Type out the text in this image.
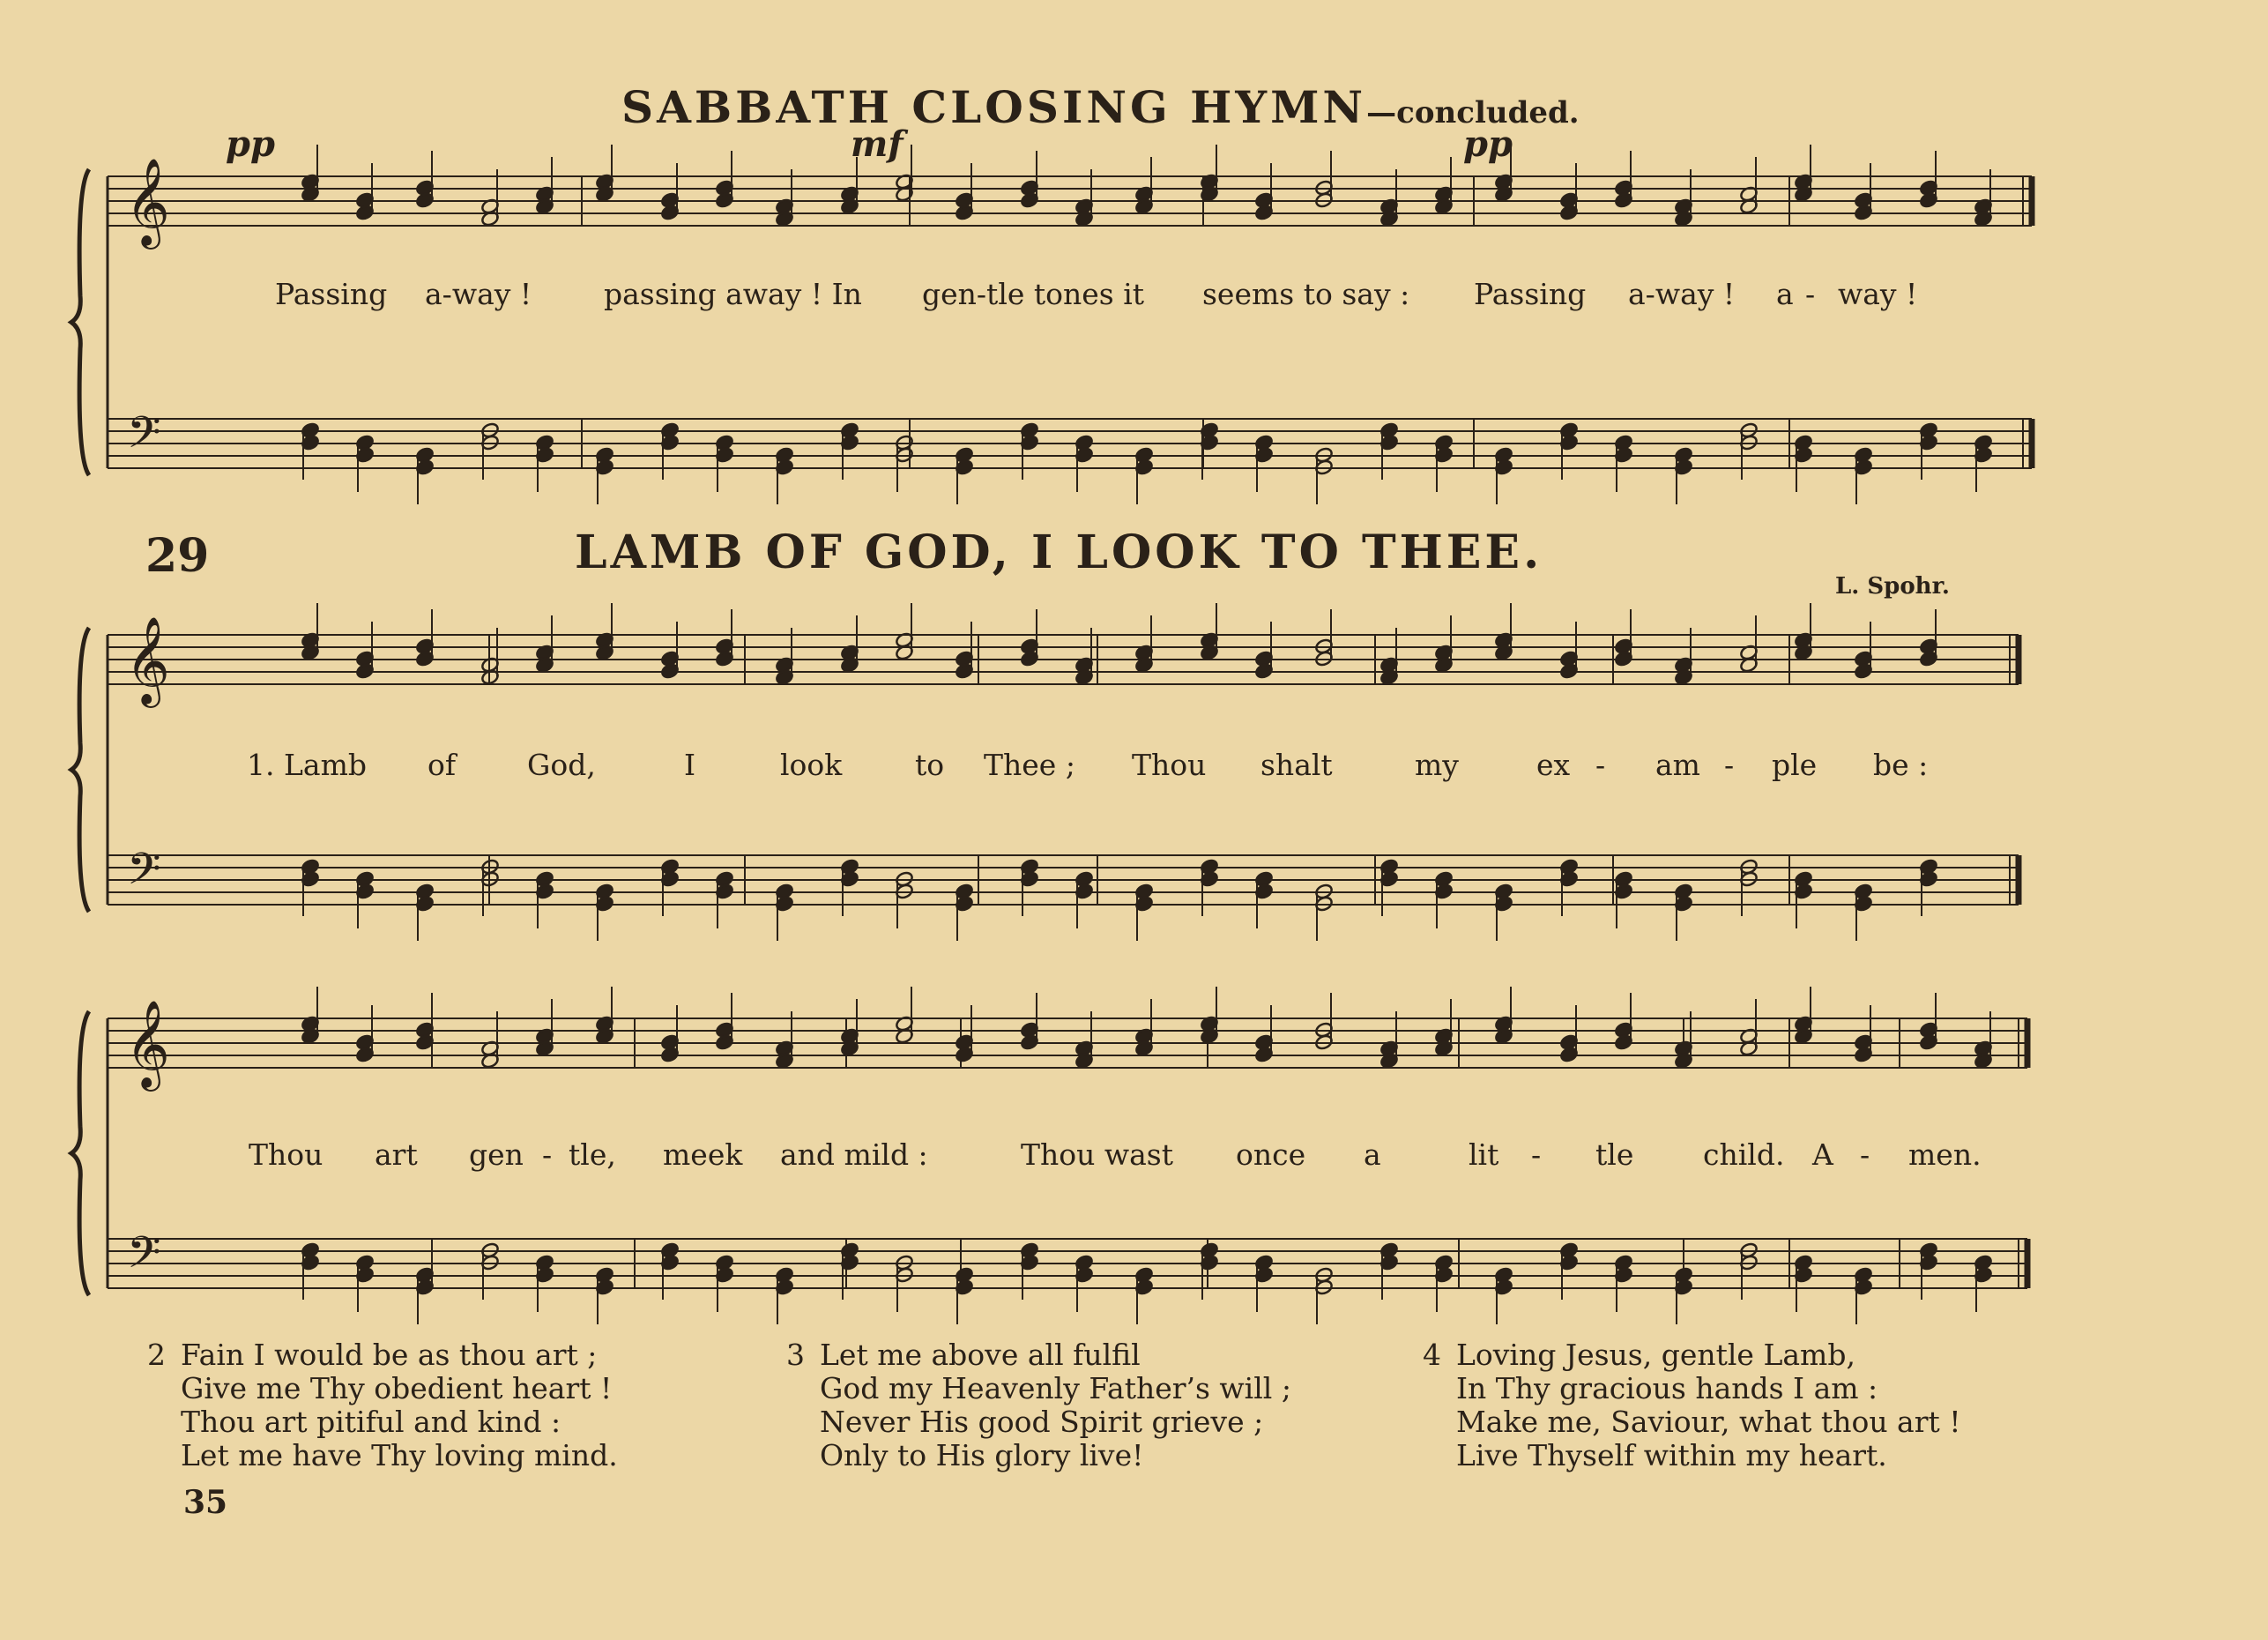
𝄞
𝄢
𝄞
𝄢
𝄞
𝄢
SABBATH CLOSING HYMN—concluded.
pp	mf	pp
Passing a-way ! passing away ! In gen-tle tones it seems to say : Passing a-way ! a - way !
29	LAMB OF GOD, I LOOK TO THEE.
L. Spohr.
1. Lamb of God,	I	look	to Thee ; Thou shalt	my	ex - am - ple be :
Thou art gen - tle, meek and mild :	Thou wast once a	lit - tle child. A - men.
2 Fain I would be as thou art ;
Give me Thy obedient heart !
Thou art pitiful and kind :
Let me have Thy loving mind.
3 Let me above all fulfil
God my Heavenly Father’s will ;
Never His good Spirit grieve ;
Only to His glory live!
4 Loving Jesus, gentle Lamb,
In Thy gracious hands I am :
Make me, Saviour, what thou art !
Live Thyself within my heart.
35
